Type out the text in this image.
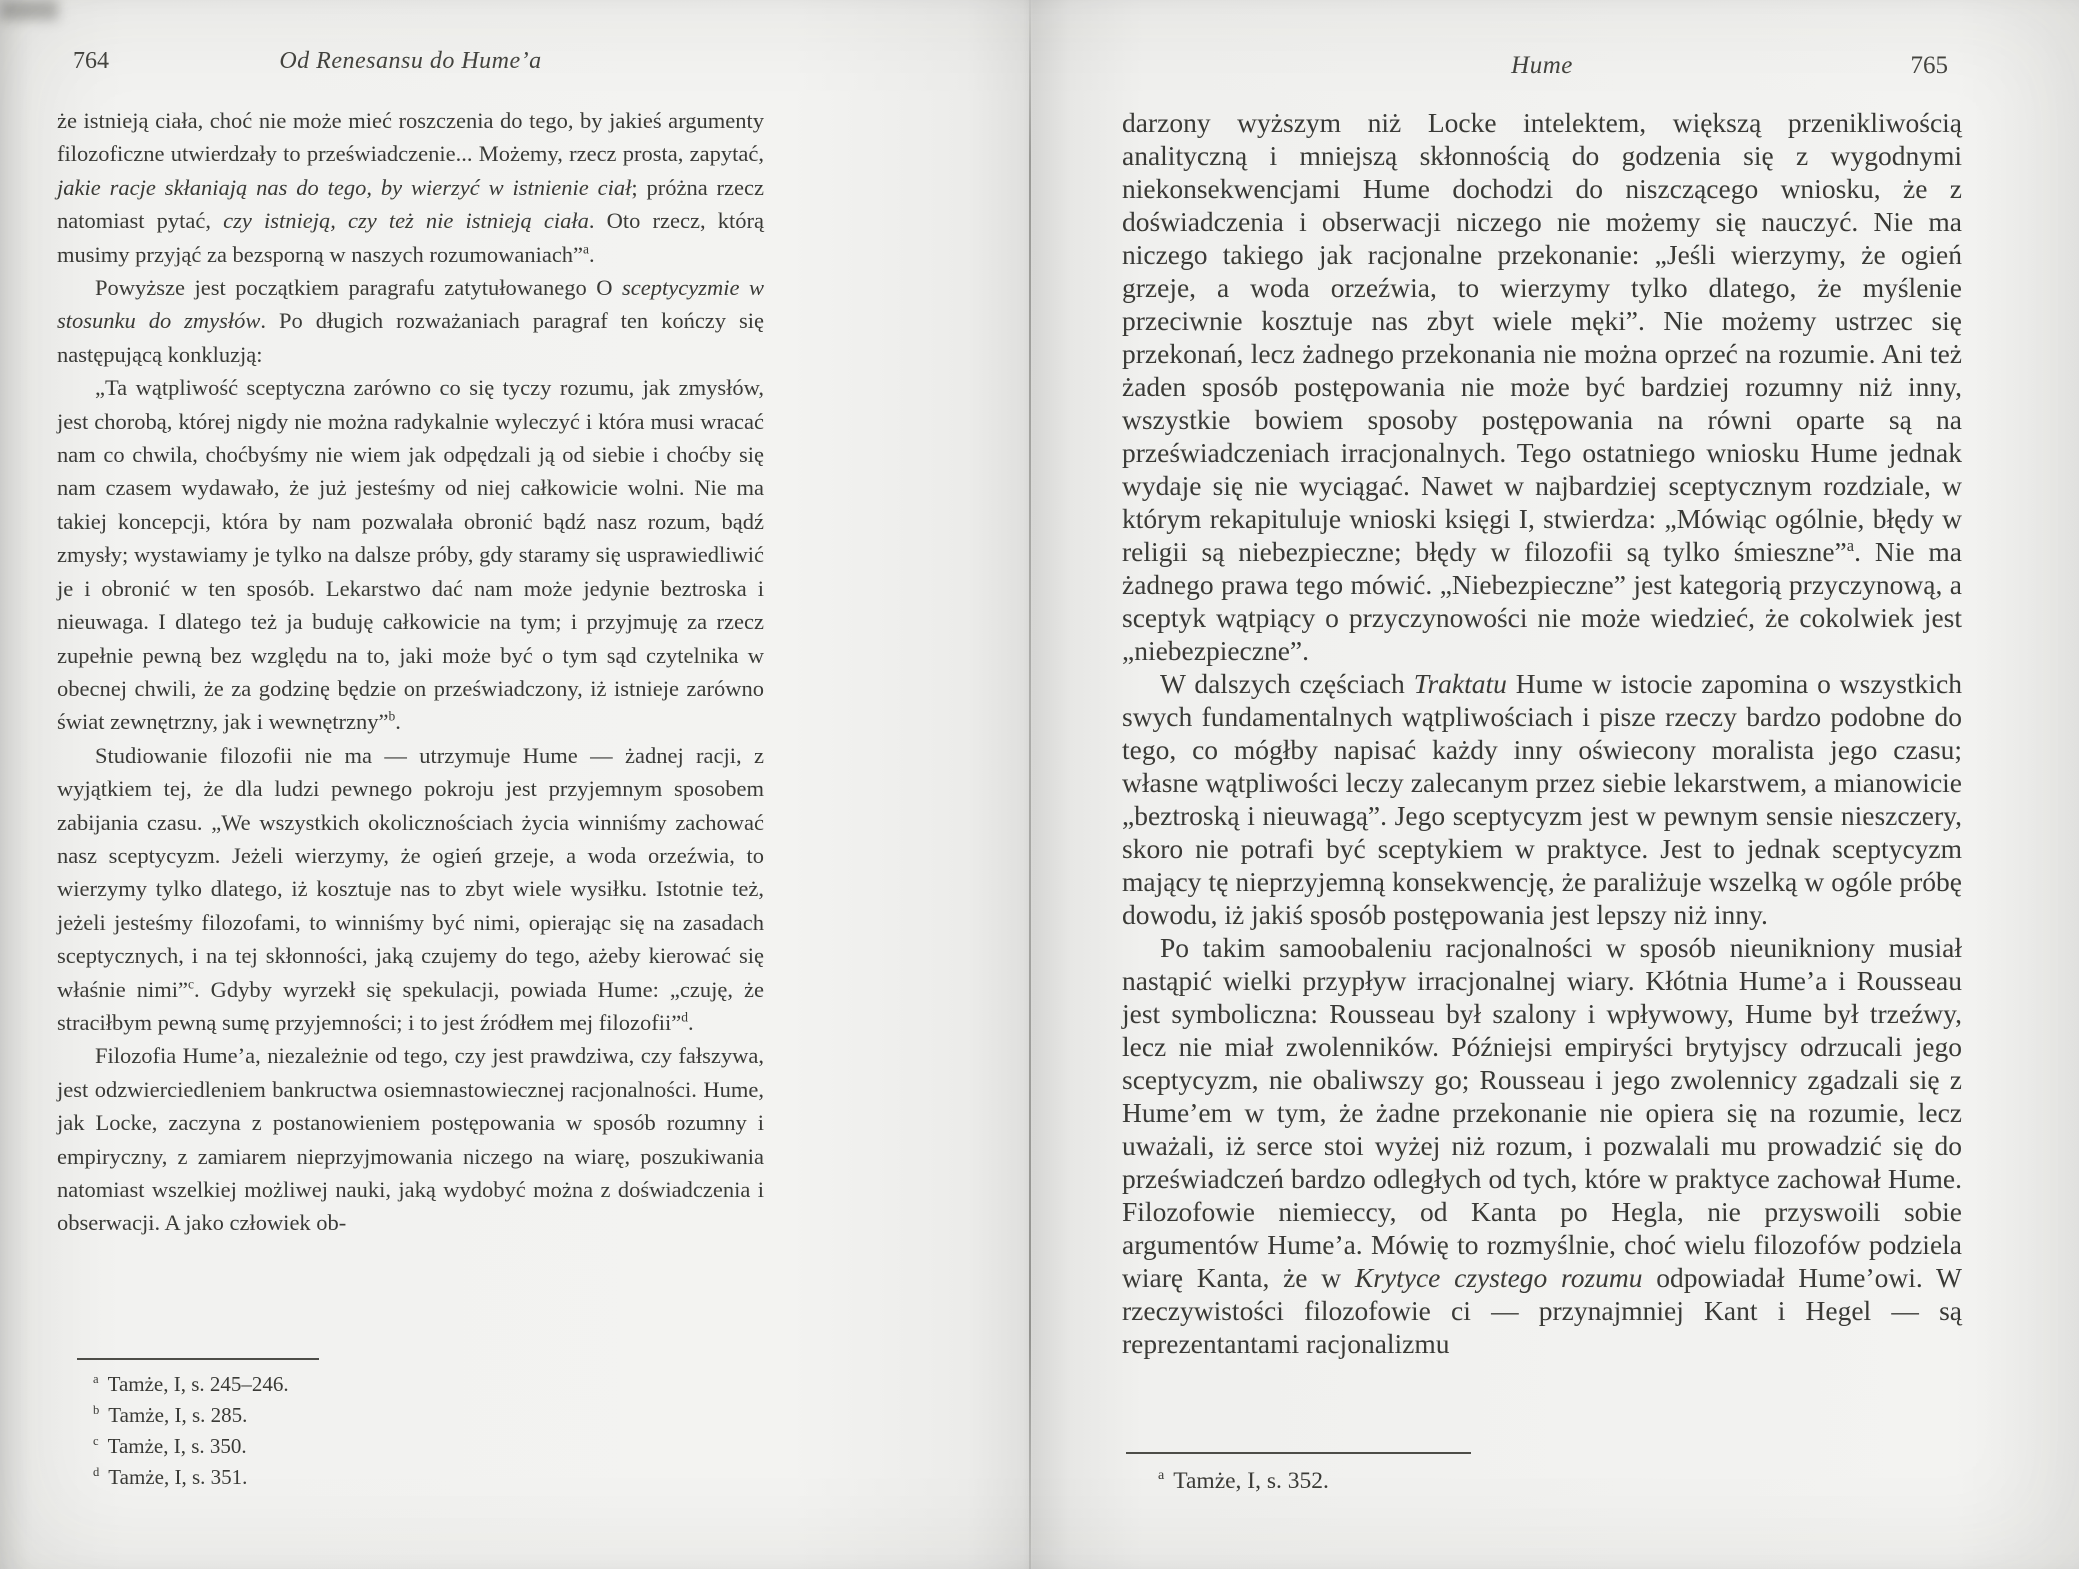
764	Od Renesansu do Hume’a

że istnieją ciała, choć nie może mieć roszczenia do tego, by jakieś argumenty filozoficzne utwierdzały to przeświadczenie... Możemy, rzecz prosta, zapytać, jakie racje skłaniają nas do tego, by wierzyć w istnienie ciał; próżna rzecz natomiast pytać, czy istnieją, czy też nie istnieją ciała. Oto rzecz, którą musimy przyjąć za bezsporną w naszych rozumowaniach”$^a$.

Powyższe jest początkiem paragrafu zatytułowanego O sceptycyzmie w stosunku do zmysłów. Po długich rozważaniach paragraf ten kończy się następującą konkluzją:

„Ta wątpliwość sceptyczna zarówno co się tyczy rozumu, jak zmysłów, jest chorobą, której nigdy nie można radykalnie wyleczyć i która musi wracać nam co chwila, choćbyśmy nie wiem jak odpędzali ją od siebie i choćby się nam czasem wydawało, że już jesteśmy od niej całkowicie wolni. Nie ma takiej koncepcji, która by nam pozwalała obronić bądź nasz rozum, bądź zmysły; wystawiamy je tylko na dalsze próby, gdy staramy się usprawiedliwić je i obronić w ten sposób. Lekarstwo dać nam może jedynie beztroska i nieuwaga. I dlatego też ja buduję całkowicie na tym; i przyjmuję za rzecz zupełnie pewną bez względu na to, jaki może być o tym sąd czytelnika w obecnej chwili, że za godzinę będzie on przeświadczony, iż istnieje zarówno świat zewnętrzny, jak i wewnętrzny”$^b$.

Studiowanie filozofii nie ma — utrzymuje Hume — żadnej racji, z wyjątkiem tej, że dla ludzi pewnego pokroju jest przyjemnym sposobem zabijania czasu. „We wszystkich okolicznościach życia winniśmy zachować nasz sceptycyzm. Jeżeli wierzymy, że ogień grzeje, a woda orzeźwia, to wierzymy tylko dlatego, iż kosztuje nas to zbyt wiele wysiłku. Istotnie też, jeżeli jesteśmy filozofami, to winniśmy być nimi, opierając się na zasadach sceptycznych, i na tej skłonności, jaką czujemy do tego, ażeby kierować się właśnie nimi”$^c$. Gdyby wyrzekł się spekulacji, powiada Hume: „czuję, że straciłbym pewną sumę przyjemności; i to jest źródłem mej filozofii”$^d$.

Filozofia Hume’a, niezależnie od tego, czy jest prawdziwa, czy fałszywa, jest odzwierciedleniem bankructwa osiemnastowiecznej racjonalności. Hume, jak Locke, zaczyna z postanowieniem postępowania w sposób rozumny i empiryczny, z zamiarem nieprzyjmowania niczego na wiarę, poszukiwania natomiast wszelkiej możliwej nauki, jaką wydobyć można z doświadczenia i obserwacji. A jako człowiek ob-

$^a$ Tamże, I, s. 245–246.
$^b$ Tamże, I, s. 285.
$^c$ Tamże, I, s. 350.
$^d$ Tamże, I, s. 351.
Hume	765

darzony wyższym niż Locke intelektem, większą przenikliwością analityczną i mniejszą skłonnością do godzenia się z wygodnymi niekonsekwencjami Hume dochodzi do niszczącego wniosku, że z doświadczenia i obserwacji niczego nie możemy się nauczyć. Nie ma niczego takiego jak racjonalne przekonanie: „Jeśli wierzymy, że ogień grzeje, a woda orzeźwia, to wierzymy tylko dlatego, że myślenie przeciwnie kosztuje nas zbyt wiele męki”. Nie możemy ustrzec się przekonań, lecz żadnego przekonania nie można oprzeć na rozumie. Ani też żaden sposób postępowania nie może być bardziej rozumny niż inny, wszystkie bowiem sposoby postępowania na równi oparte są na przeświadczeniach irracjonalnych. Tego ostatniego wniosku Hume jednak wydaje się nie wyciągać. Nawet w najbardziej sceptycznym rozdziale, w którym rekapituluje wnioski księgi I, stwierdza: „Mówiąc ogólnie, błędy w religii są niebezpieczne; błędy w filozofii są tylko śmieszne”$^a$. Nie ma żadnego prawa tego mówić. „Niebezpieczne” jest kategorią przyczynową, a sceptyk wątpiący o przyczynowości nie może wiedzieć, że cokolwiek jest „niebezpieczne”.

W dalszych częściach Traktatu Hume w istocie zapomina o wszystkich swych fundamentalnych wątpliwościach i pisze rzeczy bardzo podobne do tego, co mógłby napisać każdy inny oświecony moralista jego czasu; własne wątpliwości leczy zalecanym przez siebie lekarstwem, a mianowicie „beztroską i nieuwagą”. Jego sceptycyzm jest w pewnym sensie nieszczery, skoro nie potrafi być sceptykiem w praktyce. Jest to jednak sceptycyzm mający tę nieprzyjemną konsekwencję, że paraliżuje wszelką w ogóle próbę dowodu, iż jakiś sposób postępowania jest lepszy niż inny.

Po takim samoobaleniu racjonalności w sposób nieunikniony musiał nastąpić wielki przypływ irracjonalnej wiary. Kłótnia Hume’a i Rousseau jest symboliczna: Rousseau był szalony i wpływowy, Hume był trzeźwy, lecz nie miał zwolenników. Późniejsi empiryści brytyjscy odrzucali jego sceptycyzm, nie obaliwszy go; Rousseau i jego zwolennicy zgadzali się z Hume’em w tym, że żadne przekonanie nie opiera się na rozumie, lecz uważali, iż serce stoi wyżej niż rozum, i pozwalali mu prowadzić się do przeświadczeń bardzo odległych od tych, które w praktyce zachował Hume. Filozofowie niemieccy, od Kanta po Hegla, nie przyswoili sobie argumentów Hume’a. Mówię to rozmyślnie, choć wielu filozofów podziela wiarę Kanta, że w Krytyce czystego rozumu odpowiadał Hume’owi. W rzeczywistości filozofowie ci — przynajmniej Kant i Hegel — są reprezentantami racjonalizmu

$^a$ Tamże, I, s. 352.
